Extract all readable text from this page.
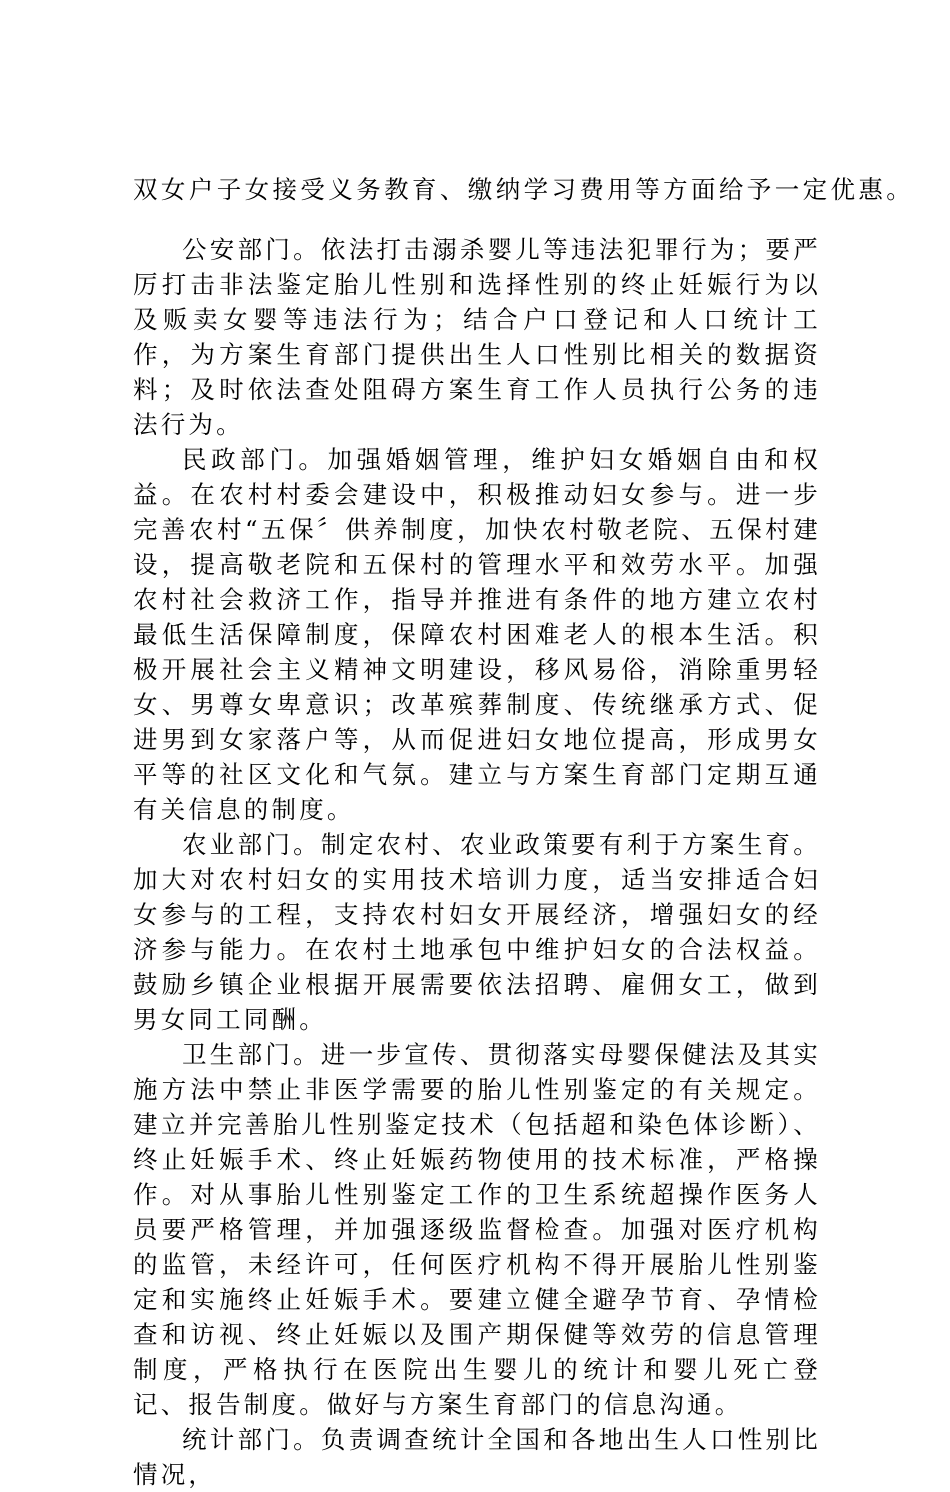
双女户子女接受义务教育、缴纳学习费用等方面给予一定优惠。

公安部门。依法打击溺杀婴儿等违法犯罪行为；要严厉打击非法鉴定胎儿性别和选择性别的终止妊娠行为以及贩卖女婴等违法行为；结合户口登记和人口统计工作，为方案生育部门提供出生人口性别比相关的数据资料；及时依法查处阻碍方案生育工作人员执行公务的违法行为。

民政部门。加强婚姻管理，维护妇女婚姻自由和权益。在农村村委会建设中，积极推动妇女参与。进一步完善农村“五保〞供养制度，加快农村敬老院、五保村建设，提高敬老院和五保村的管理水平和效劳水平。加强农村社会救济工作，指导并推进有条件的地方建立农村最低生活保障制度，保障农村困难老人的根本生活。积极开展社会主义精神文明建设，移风易俗，消除重男轻女、男尊女卑意识；改革殡葬制度、传统继承方式、促进男到女家落户等，从而促进妇女地位提高，形成男女平等的社区文化和气氛。建立与方案生育部门定期互通有关信息的制度。

农业部门。制定农村、农业政策要有利于方案生育。加大对农村妇女的实用技术培训力度，适当安排适合妇女参与的工程，支持农村妇女开展经济，增强妇女的经济参与能力。在农村土地承包中维护妇女的合法权益。鼓励乡镇企业根据开展需要依法招聘、雇佣女工，做到男女同工同酬。

卫生部门。进一步宣传、贯彻落实母婴保健法及其实施方法中禁止非医学需要的胎儿性别鉴定的有关规定。建立并完善胎儿性别鉴定技术（包括超和染色体诊断）、终止妊娠手术、终止妊娠药物使用的技术标准，严格操作。对从事胎儿性别鉴定工作的卫生系统超操作医务人员要严格管理，并加强逐级监督检查。加强对医疗机构的监管，未经许可，任何医疗机构不得开展胎儿性别鉴定和实施终止妊娠手术。要建立健全避孕节育、孕情检查和访视、终止妊娠以及围产期保健等效劳的信息管理制度，严格执行在医院出生婴儿的统计和婴儿死亡登记、报告制度。做好与方案生育部门的信息沟通。

统计部门。负责调查统计全国和各地出生人口性别比情况，
